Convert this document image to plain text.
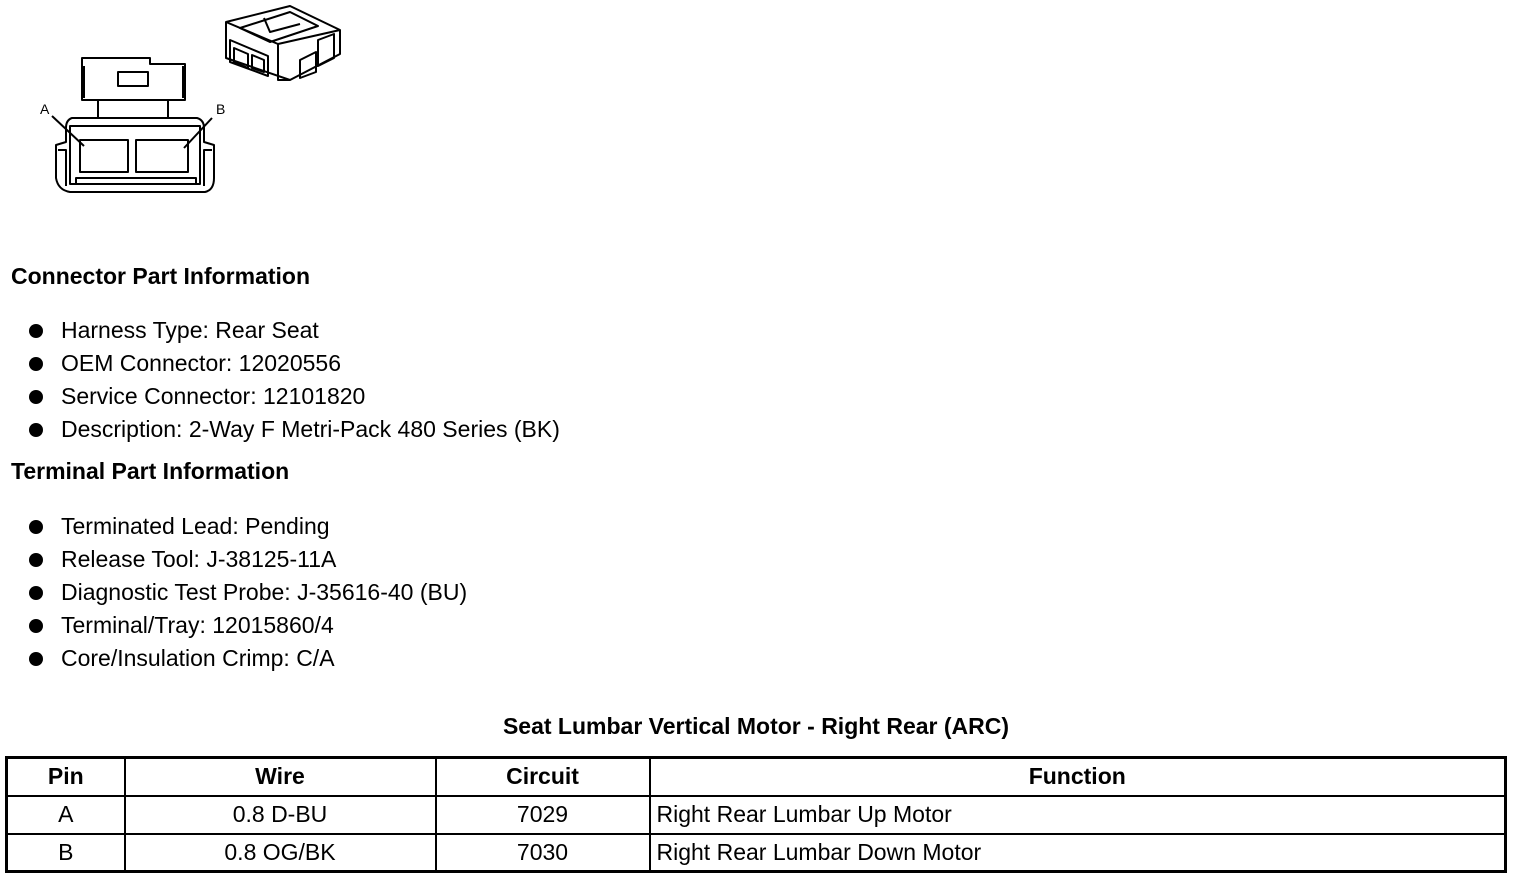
A	B
Connector Part Information
Harness Type: Rear Seat
OEM Connector: 12020556
Service Connector: 12101820
Description: 2-Way F Metri-Pack 480 Series (BK)
Terminal Part Information
Terminated Lead: Pending
Release Tool: J-38125-11A
Diagnostic Test Probe: J-35616-40 (BU)
Terminal/Tray: 12015860/4
Core/Insulation Crimp: C/A
Seat Lumbar Vertical Motor - Right Rear (ARC)
Pin	Wire	Circuit	Function
A	0.8 D-BU	7029	Right Rear Lumbar Up Motor
B	0.8 OG/BK	7030	Right Rear Lumbar Down Motor
